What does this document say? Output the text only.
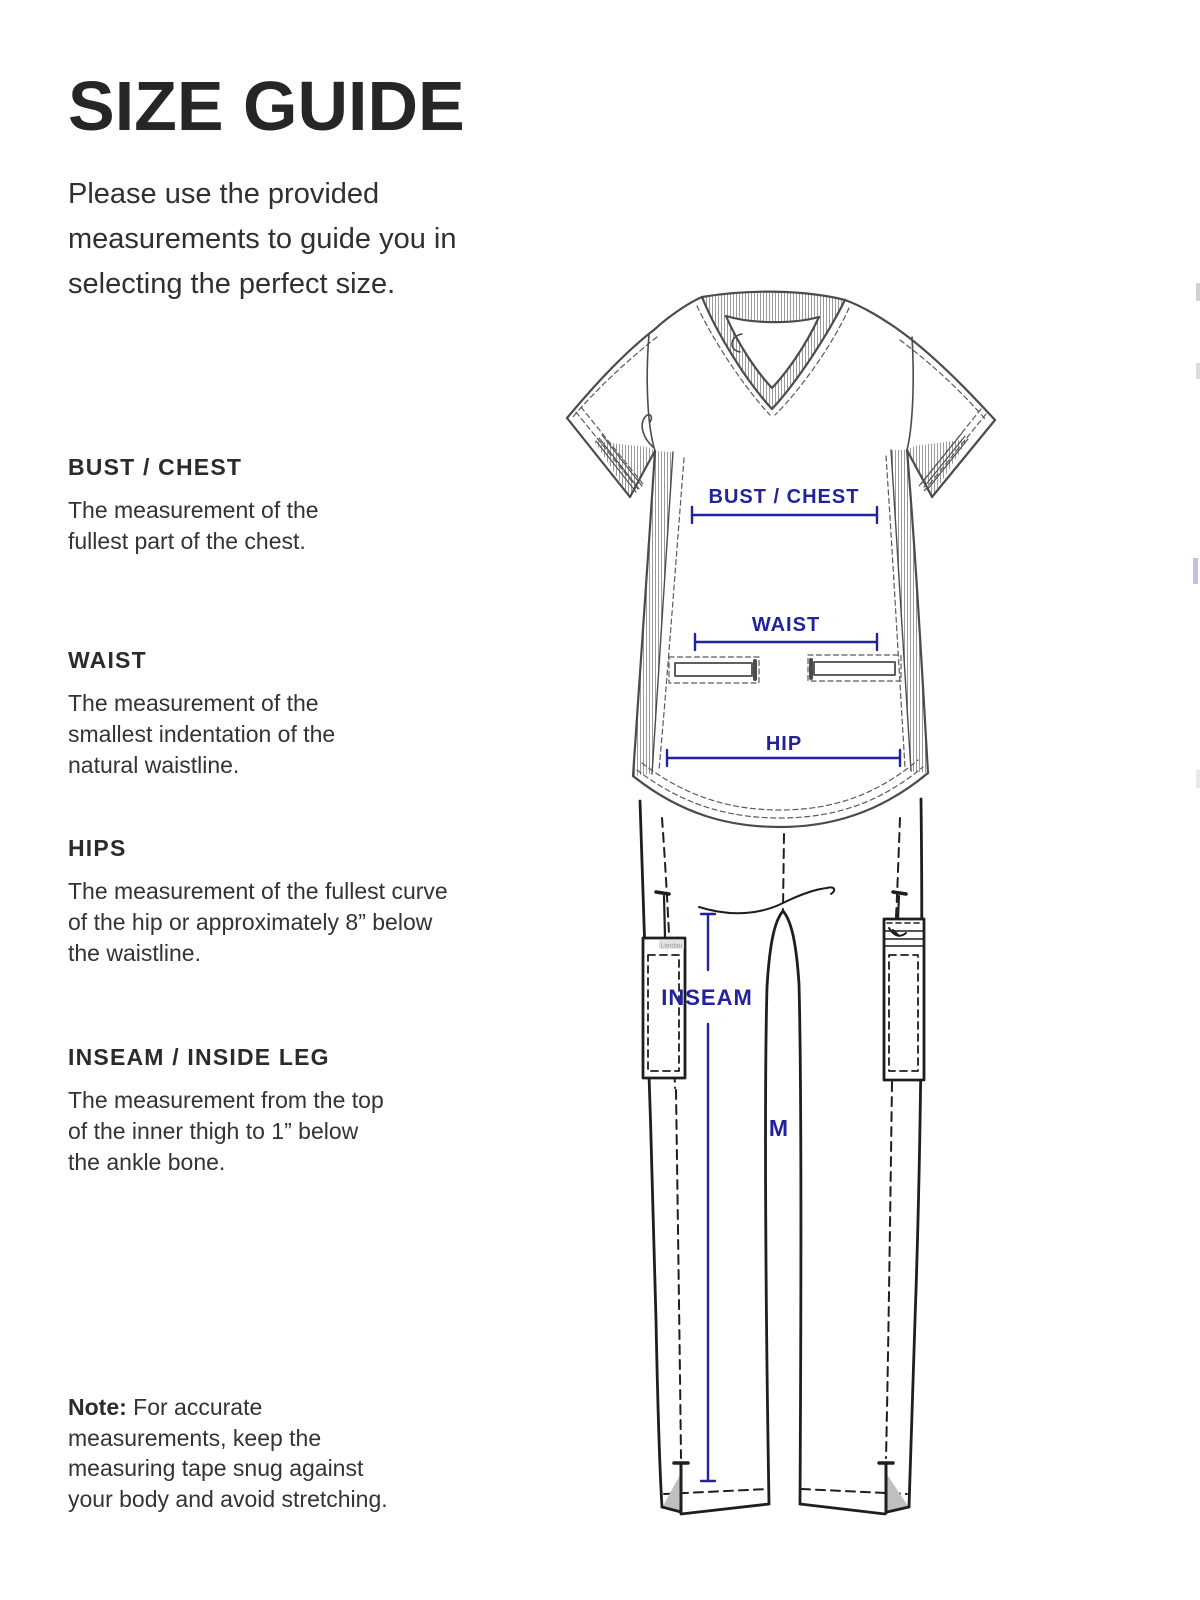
SIZE GUIDE
Please use the provided measurements to guide you in selecting the perfect size.
BUST / CHEST

The measurement of the fullest part of the chest.

WAIST

The measurement of the smallest indentation of the natural waistline.

HIPS

The measurement of the fullest curve of the hip or approximately 8” below the waistline.

INSEAM / INSIDE LEG

The measurement from the top of the inner thigh to 1” below the ankle bone.

Note: For accurate measurements, keep the measuring tape snug against your body and avoid stretching.
Landau
BUST / CHEST
WAIST
HIP
INSEAM
M
